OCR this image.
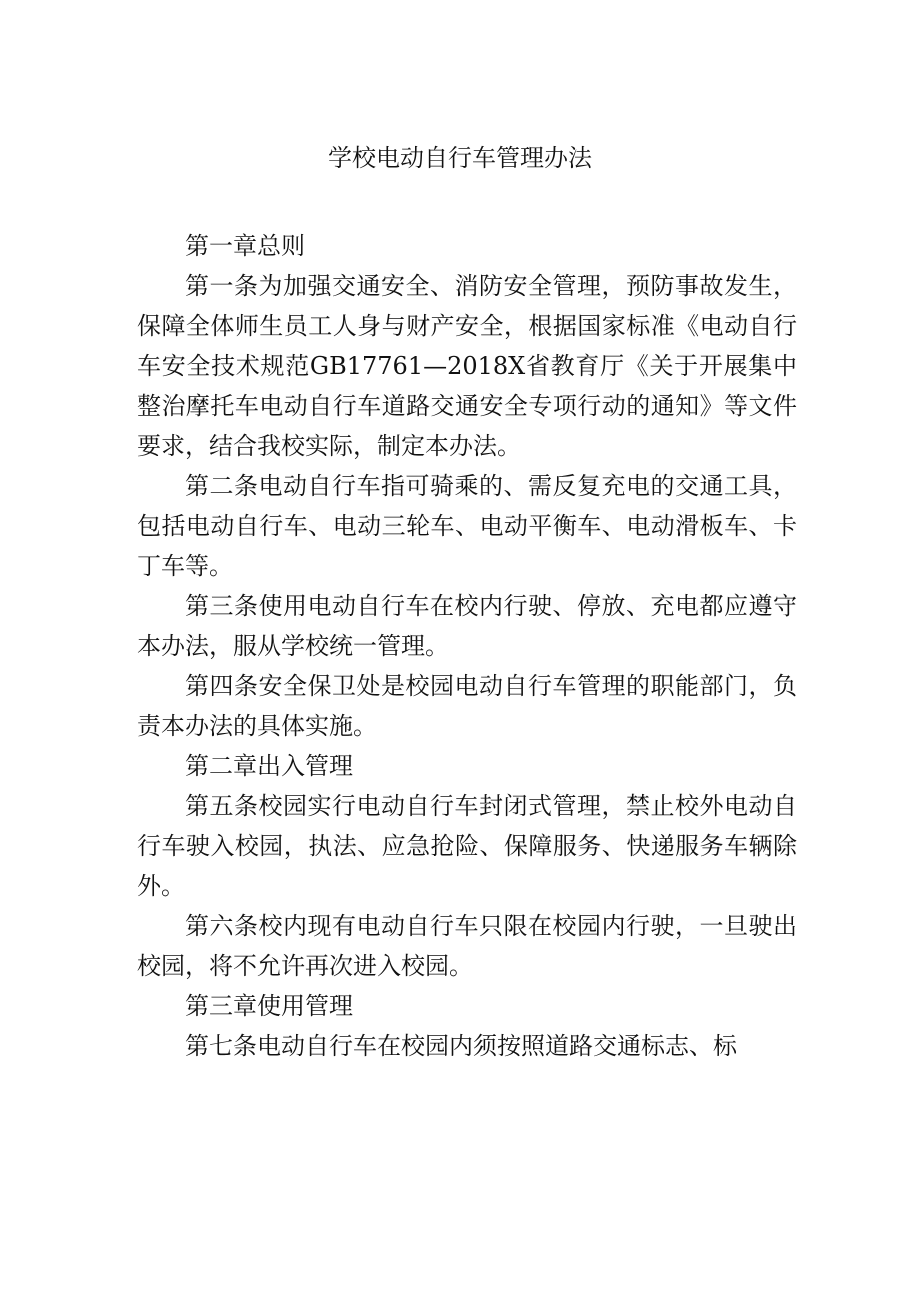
学校电动自行车管理办法

第一章总则

第一条为加强交通安全、消防安全管理，预防事故发生，保障全体师生员工人身与财产安全，根据国家标准《电动自行车安全技术规范GB17761—2018X省教育厅《关于开展集中整治摩托车电动自行车道路交通安全专项行动的通知》等文件要求，结合我校实际，制定本办法。

第二条电动自行车指可骑乘的、需反复充电的交通工具，包括电动自行车、电动三轮车、电动平衡车、电动滑板车、卡丁车等。

第三条使用电动自行车在校内行驶、停放、充电都应遵守本办法，服从学校统一管理。

第四条安全保卫处是校园电动自行车管理的职能部门，负责本办法的具体实施。

第二章出入管理

第五条校园实行电动自行车封闭式管理，禁止校外电动自行车驶入校园，执法、应急抢险、保障服务、快递服务车辆除外。

第六条校内现有电动自行车只限在校园内行驶，一旦驶出校园，将不允许再次进入校园。

第三章使用管理

第七条电动自行车在校园内须按照道路交通标志、标
